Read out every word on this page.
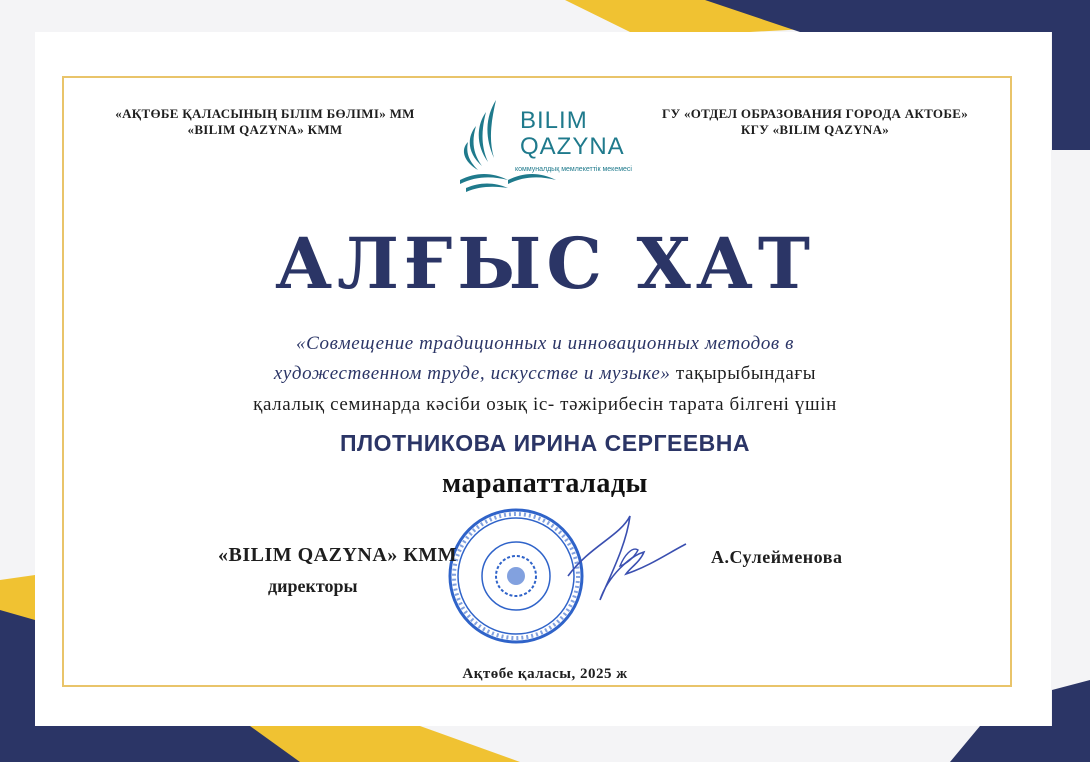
«АҚТӨБЕ ҚАЛАСЫНЫҢ БІЛІМ БӨЛІМІ» ММ
«BILIM QAZYNA» КММ
ГУ «ОТДЕЛ ОБРАЗОВАНИЯ ГОРОДА АКТОБЕ»
КГУ «BILIM QAZYNA»
BILIM
QAZYNA
коммуналдық мемлекеттік мекемесі
АЛҒЫС ХАТ
«Совмещение традиционных и инновационных методов в
художественном труде, искусстве и музыке» тақырыбындағы
қалалық семинарда кәсіби озық іс- тәжірибесін тарата білгені үшін
ПЛОТНИКОВА ИРИНА СЕРГЕЕВНА
марапатталады
«BILIM QAZYNA» КММ
директоры
А.Сулейменова
Ақтөбе қаласы, 2025 ж
